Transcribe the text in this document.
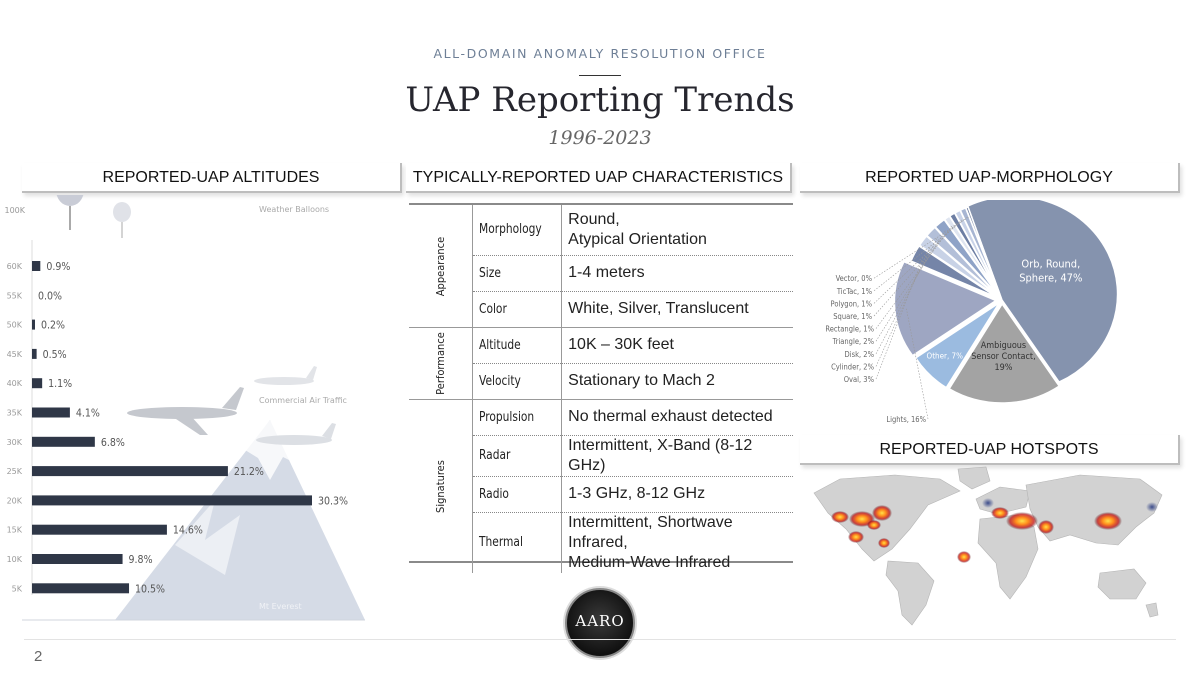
ALL-DOMAIN ANOMALY RESOLUTION OFFICE
UAP Reporting Trends
1996-2023
REPORTED-UAP ALTITUDES	TYPICALLY-REPORTED UAP CHARACTERISTICS	REPORTED UAP-MORPHOLOGY
REPORTED-UAP HOTSPOTS
100K	Weather Balloons
Commercial Air Traffic
Mt Everest
60K 0.9%
55K 0.0%
50K 0.2%
45K 0.5%
40K 1.1%
35K	4.1%
30K	6.8%
25K	21.2%
20K	30.3%
15K	14.6%
10K	9.8%
5K	10.5%
Appearance	Morphology	Round,
Atypical Orientation
	Size	1-4 meters
	Color	White, Silver, Translucent
Performance	Altitude	10K – 30K feet
	Velocity	Stationary to Mach 2
Signatures	Propulsion	No thermal exhaust detected
	Radar	Intermittent, X-Band (8-12 GHz)
	Radio	1-3 GHz, 8-12 GHz
	Thermal	Intermittent, Shortwave Infrared,
Medium-Wave Infrared
Orb, Round, Sphere, 47%
Ambiguous Sensor Contact, 19%
Other, 7%
Lights, 16%
Oval, 3%
Cylinder, 2%
Disk, 2%
Triangle, 2%
Rectangle, 1%
Square, 1%
Polygon, 1%
TicTac, 1%
Vector, 0%
AARO
2
